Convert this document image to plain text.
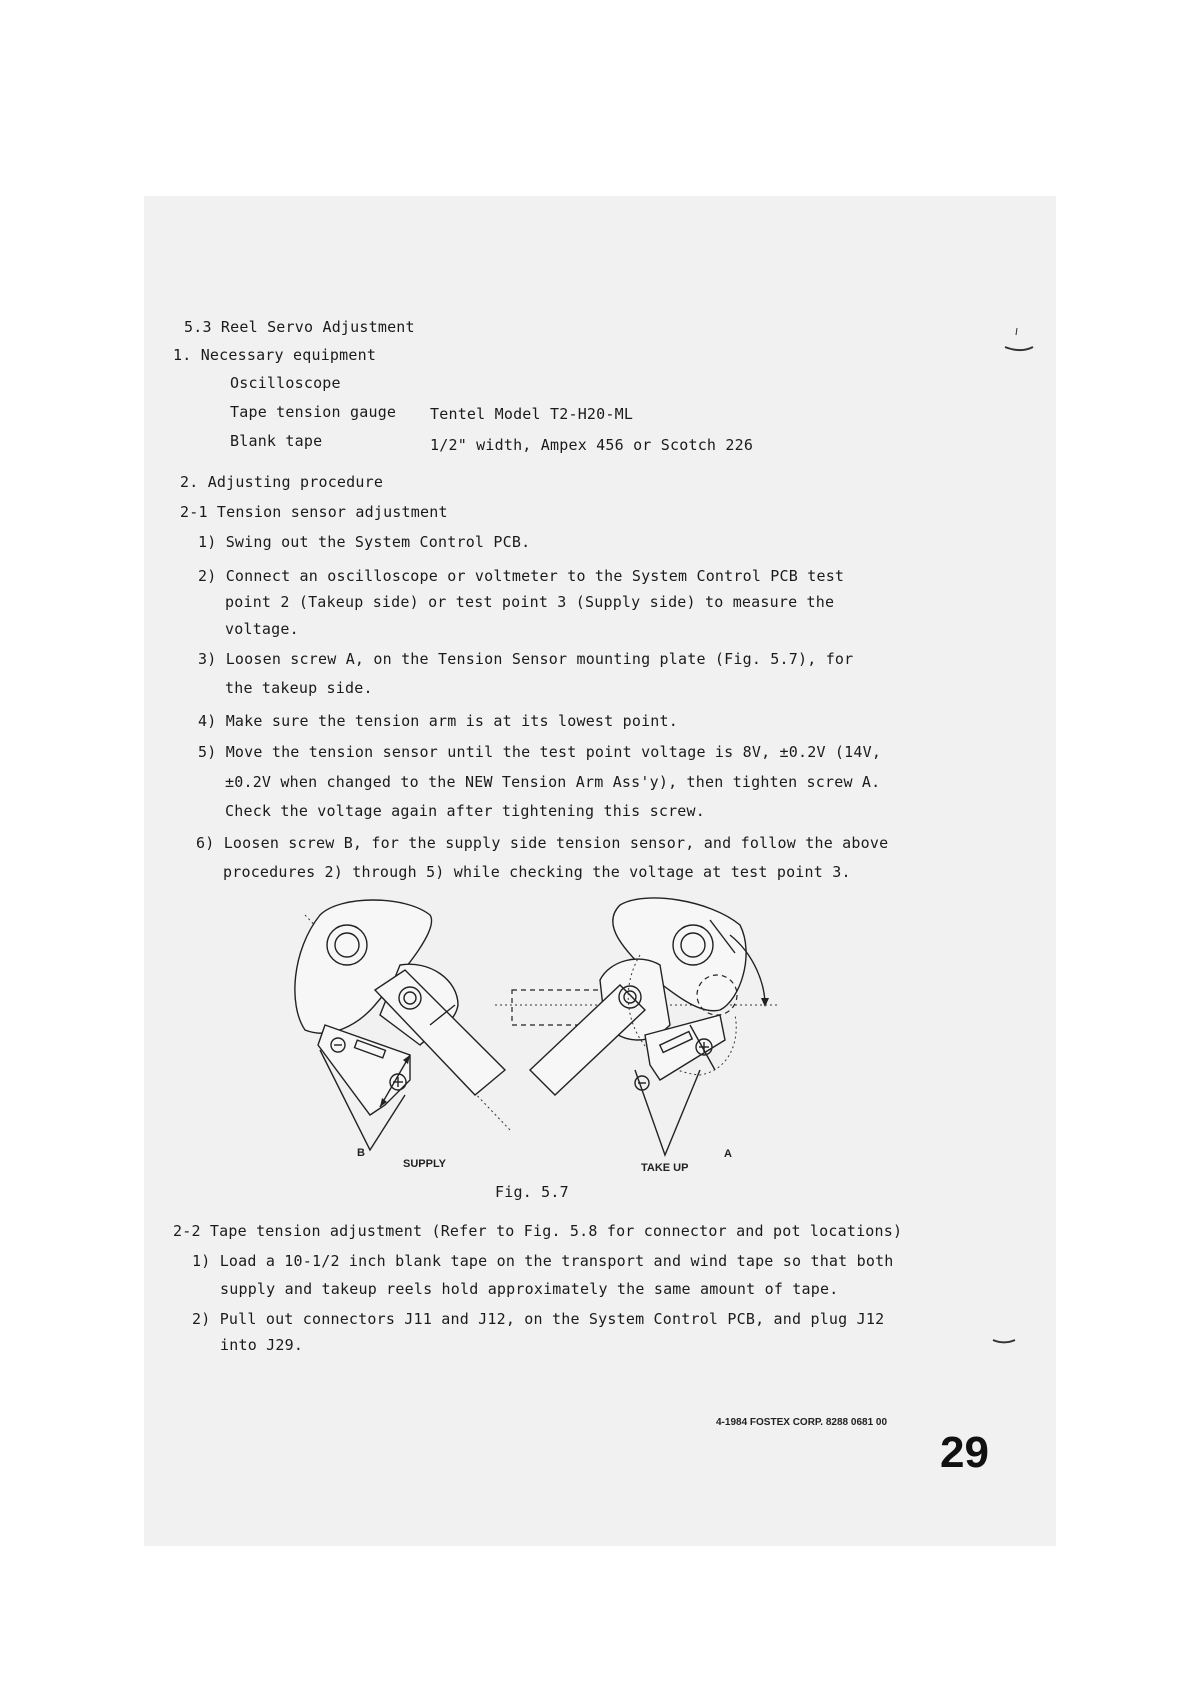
5.3 Reel Servo Adjustment
1. Necessary equipment
Oscilloscope
Tape tension gauge Tentel Model T2-H20-ML
Blank tape	1/2" width, Ampex 456 or Scotch 226
2. Adjusting procedure
2-1 Tension sensor adjustment
1) Swing out the System Control PCB.
2) Connect an oscilloscope or voltmeter to the System Control PCB test
point 2 (Takeup side) or test point 3 (Supply side) to measure the
voltage.
3) Loosen screw A, on the Tension Sensor mounting plate (Fig. 5.7), for
the takeup side.
4) Make sure the tension arm is at its lowest point.
5) Move the tension sensor until the test point voltage is 8V, ±0.2V (14V,
±0.2V when changed to the NEW Tension Arm Ass'y), then tighten screw A.
Check the voltage again after tightening this screw.
6) Loosen screw B, for the supply side tension sensor, and follow the above
procedures 2) through 5) while checking the voltage at test point 3.
B
SUPPLY	TAKE UP
A
Fig. 5.7
2-2 Tape tension adjustment (Refer to Fig. 5.8 for connector and pot locations)
1) Load a 10-1/2 inch blank tape on the transport and wind tape so that both
supply and takeup reels hold approximately the same amount of tape.
2) Pull out connectors J11 and J12, on the System Control PCB, and plug J12
into J29.
4-1984 FOSTEX CORP. 8288 0681 00
29
